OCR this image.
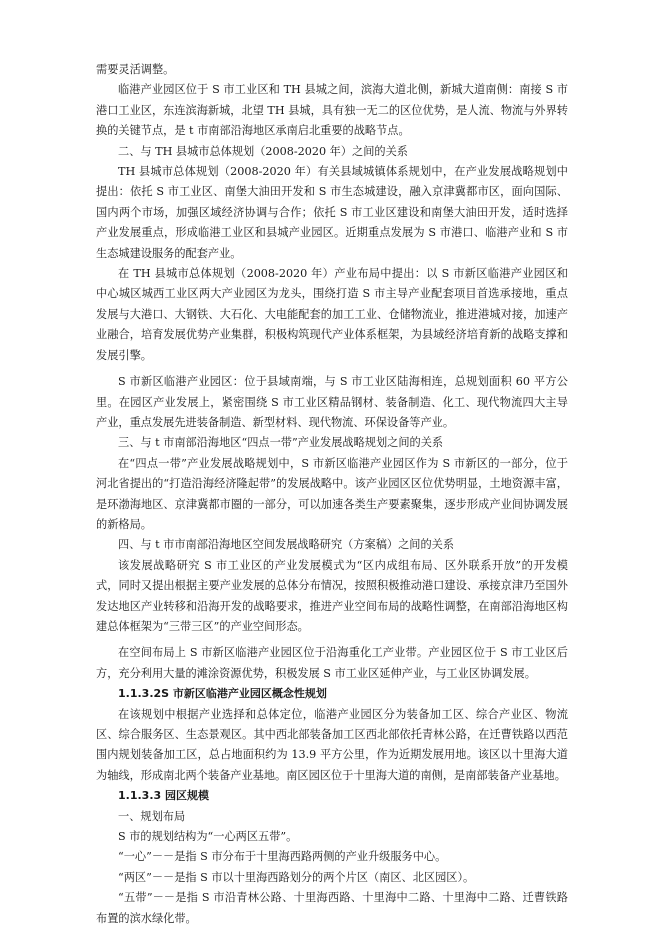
需要灵活调整。

临港产业园区位于 S 市工业区和 TH 县城之间，滨海大道北侧，新城大道南侧：南接 S 市港口工业区，东连滨海新城，北望 TH 县城，具有独一无二的区位优势，是人流、物流与外界转换的关键节点，是 t 市南部沿海地区承南启北重要的战略节点。

二、与 TH 县城市总体规划（2008-2020 年）之间的关系

TH 县城市总体规划（2008-2020 年）有关县域城镇体系规划中，在产业发展战略规划中提出：依托 S 市工业区、南堡大油田开发和 S 市生态城建设，融入京津冀都市区，面向国际、国内两个市场，加强区域经济协调与合作；依托 S 市工业区建设和南堡大油田开发，适时选择产业发展重点，形成临港工业区和县城产业园区。近期重点发展为 S 市港口、临港产业和 S 市生态城建设服务的配套产业。

在 TH 县城市总体规划（2008-2020 年）产业布局中提出：以 S 市新区临港产业园区和中心城区城西工业区两大产业园区为龙头，围绕打造 S 市主导产业配套项目首选承接地，重点发展与大港口、大钢铁、大石化、大电能配套的加工工业、仓储物流业，推进港城对接，加速产业融合，培育发展优势产业集群，积极构筑现代产业体系框架，为县域经济培育新的战略支撑和发展引擎。

S 市新区临港产业园区：位于县域南端，与 S 市工业区陆海相连，总规划面积 60 平方公里。在园区产业发展上，紧密围绕 S 市工业区精品钢材、装备制造、化工、现代物流四大主导产业，重点发展先进装备制造、新型材料、现代物流、环保设备等产业。

三、与 t 市南部沿海地区“四点一带”产业发展战略规划之间的关系

在“四点一带”产业发展战略规划中，S 市新区临港产业园区作为 S 市新区的一部分，位于河北省提出的“打造沿海经济隆起带”的发展战略中。该产业园区区位优势明显，土地资源丰富，是环渤海地区、京津冀都市圈的一部分，可以加速各类生产要素聚集，逐步形成产业间协调发展的新格局。

四、与 t 市市南部沿海地区空间发展战略研究（方案稿）之间的关系

该发展战略研究 S 市工业区的产业发展模式为“区内成组布局、区外联系开放”的开发模式，同时又提出根据主要产业发展的总体分布情况，按照积极推动港口建设、承接京津乃至国外发达地区产业转移和沿海开发的战略要求，推进产业空间布局的战略性调整，在南部沿海地区构建总体框架为“三带三区”的产业空间形态。

在空间布局上 S 市新区临港产业园区位于沿海重化工产业带。产业园区位于 S 市工业区后方，充分利用大量的滩涂资源优势，积极发展 S 市工业区延伸产业，与工业区协调发展。

1.1.3.2S 市新区临港产业园区概念性规划

在该规划中根据产业选择和总体定位，临港产业园区分为装备加工区、综合产业区、物流区、综合服务区、生态景观区。其中西北部装备加工区西北部依托青林公路，在迁曹铁路以西范围内规划装备加工区，总占地面积约为 13.9 平方公里，作为近期发展用地。该区以十里海大道为轴线，形成南北两个装备产业基地。南区园区位于十里海大道的南侧，是南部装备产业基地。

1.1.3.3 园区规模

一、规划布局

S 市的规划结构为“一心两区五带”。

“一心”－－是指 S 市分布于十里海西路两侧的产业升级服务中心。

“两区”－－是指 S 市以十里海西路划分的两个片区（南区、北区园区）。

“五带”－－是指 S 市沿青林公路、十里海西路、十里海中二路、十里海中二路、迁曹铁路布置的滨水绿化带。
